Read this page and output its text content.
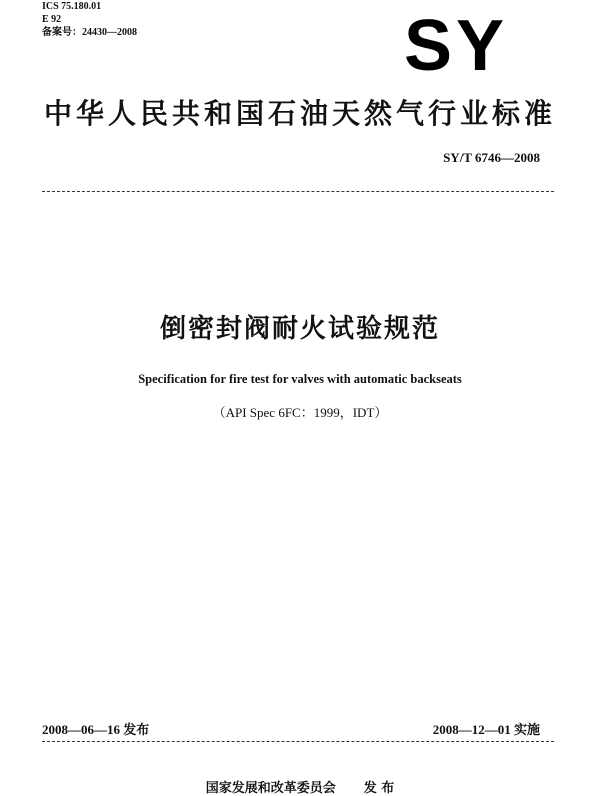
ICS 75.180.01
E 92
备案号：24430—2008	SY
中华人民共和国石油天然气行业标准
SY/T 6746—2008
倒密封阀耐火试验规范
Specification for fire test for valves with automatic backseats
（API Spec 6FC：1999，IDT）
2008—06—16 发布	2008—12—01 实施
国家发展和改革委员会 发 布
